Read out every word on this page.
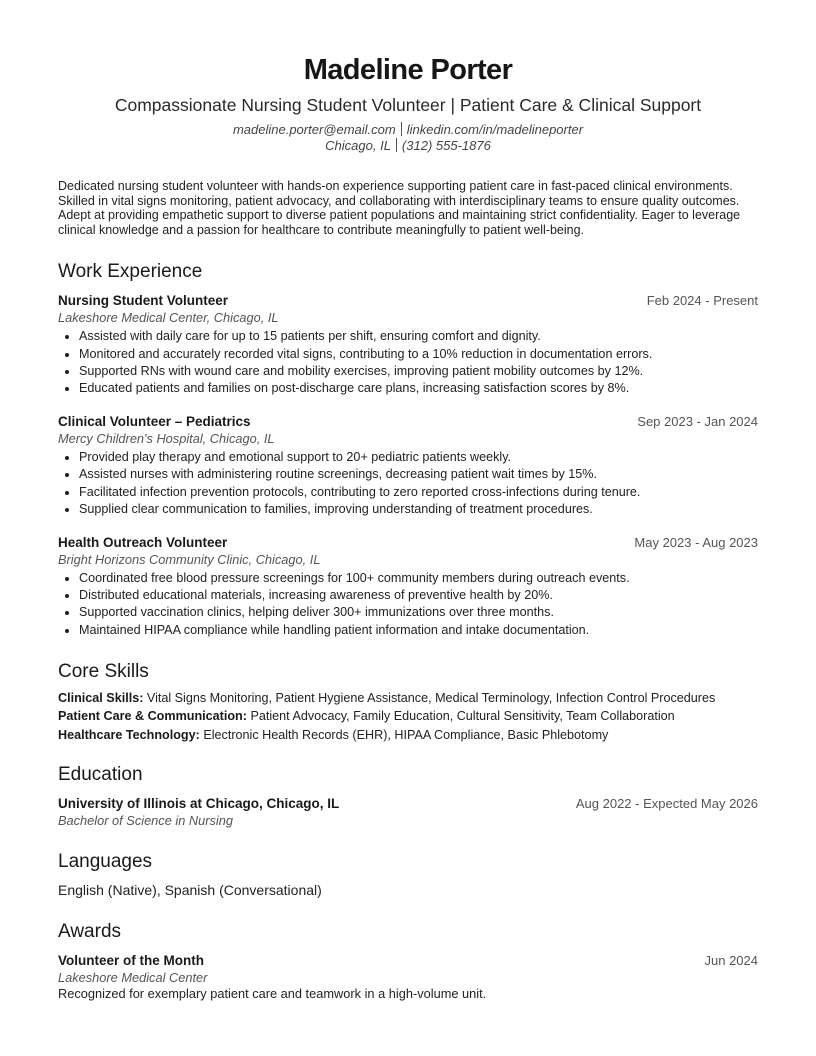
Madeline Porter
Compassionate Nursing Student Volunteer | Patient Care & Clinical Support
madeline.porter@email.com linkedin.com/in/madelineporter
Chicago, IL (312) 555-1876
Dedicated nursing student volunteer with hands-on experience supporting patient care in fast-paced clinical environments. Skilled in vital signs monitoring, patient advocacy, and collaborating with interdisciplinary teams to ensure quality outcomes. Adept at providing empathetic support to diverse patient populations and maintaining strict confidentiality. Eager to leverage clinical knowledge and a passion for healthcare to contribute meaningfully to patient well-being.
Work Experience
Nursing Student Volunteer	Feb 2024 - Present
Lakeshore Medical Center, Chicago, IL
• Assisted with daily care for up to 15 patients per shift, ensuring comfort and dignity.
• Monitored and accurately recorded vital signs, contributing to a 10% reduction in documentation errors.
• Supported RNs with wound care and mobility exercises, improving patient mobility outcomes by 12%.
• Educated patients and families on post-discharge care plans, increasing satisfaction scores by 8%.
Clinical Volunteer – Pediatrics	Sep 2023 - Jan 2024
Mercy Children's Hospital, Chicago, IL
• Provided play therapy and emotional support to 20+ pediatric patients weekly.
• Assisted nurses with administering routine screenings, decreasing patient wait times by 15%.
• Facilitated infection prevention protocols, contributing to zero reported cross-infections during tenure.
• Supplied clear communication to families, improving understanding of treatment procedures.
Health Outreach Volunteer	May 2023 - Aug 2023
Bright Horizons Community Clinic, Chicago, IL
• Coordinated free blood pressure screenings for 100+ community members during outreach events.
• Distributed educational materials, increasing awareness of preventive health by 20%.
• Supported vaccination clinics, helping deliver 300+ immunizations over three months.
• Maintained HIPAA compliance while handling patient information and intake documentation.
Core Skills
Clinical Skills: Vital Signs Monitoring, Patient Hygiene Assistance, Medical Terminology, Infection Control Procedures
Patient Care & Communication: Patient Advocacy, Family Education, Cultural Sensitivity, Team Collaboration
Healthcare Technology: Electronic Health Records (EHR), HIPAA Compliance, Basic Phlebotomy
Education
University of Illinois at Chicago, Chicago, IL	Aug 2022 - Expected May 2026
Bachelor of Science in Nursing
Languages
English (Native), Spanish (Conversational)
Awards
Volunteer of the Month	Jun 2024
Lakeshore Medical Center
Recognized for exemplary patient care and teamwork in a high-volume unit.
